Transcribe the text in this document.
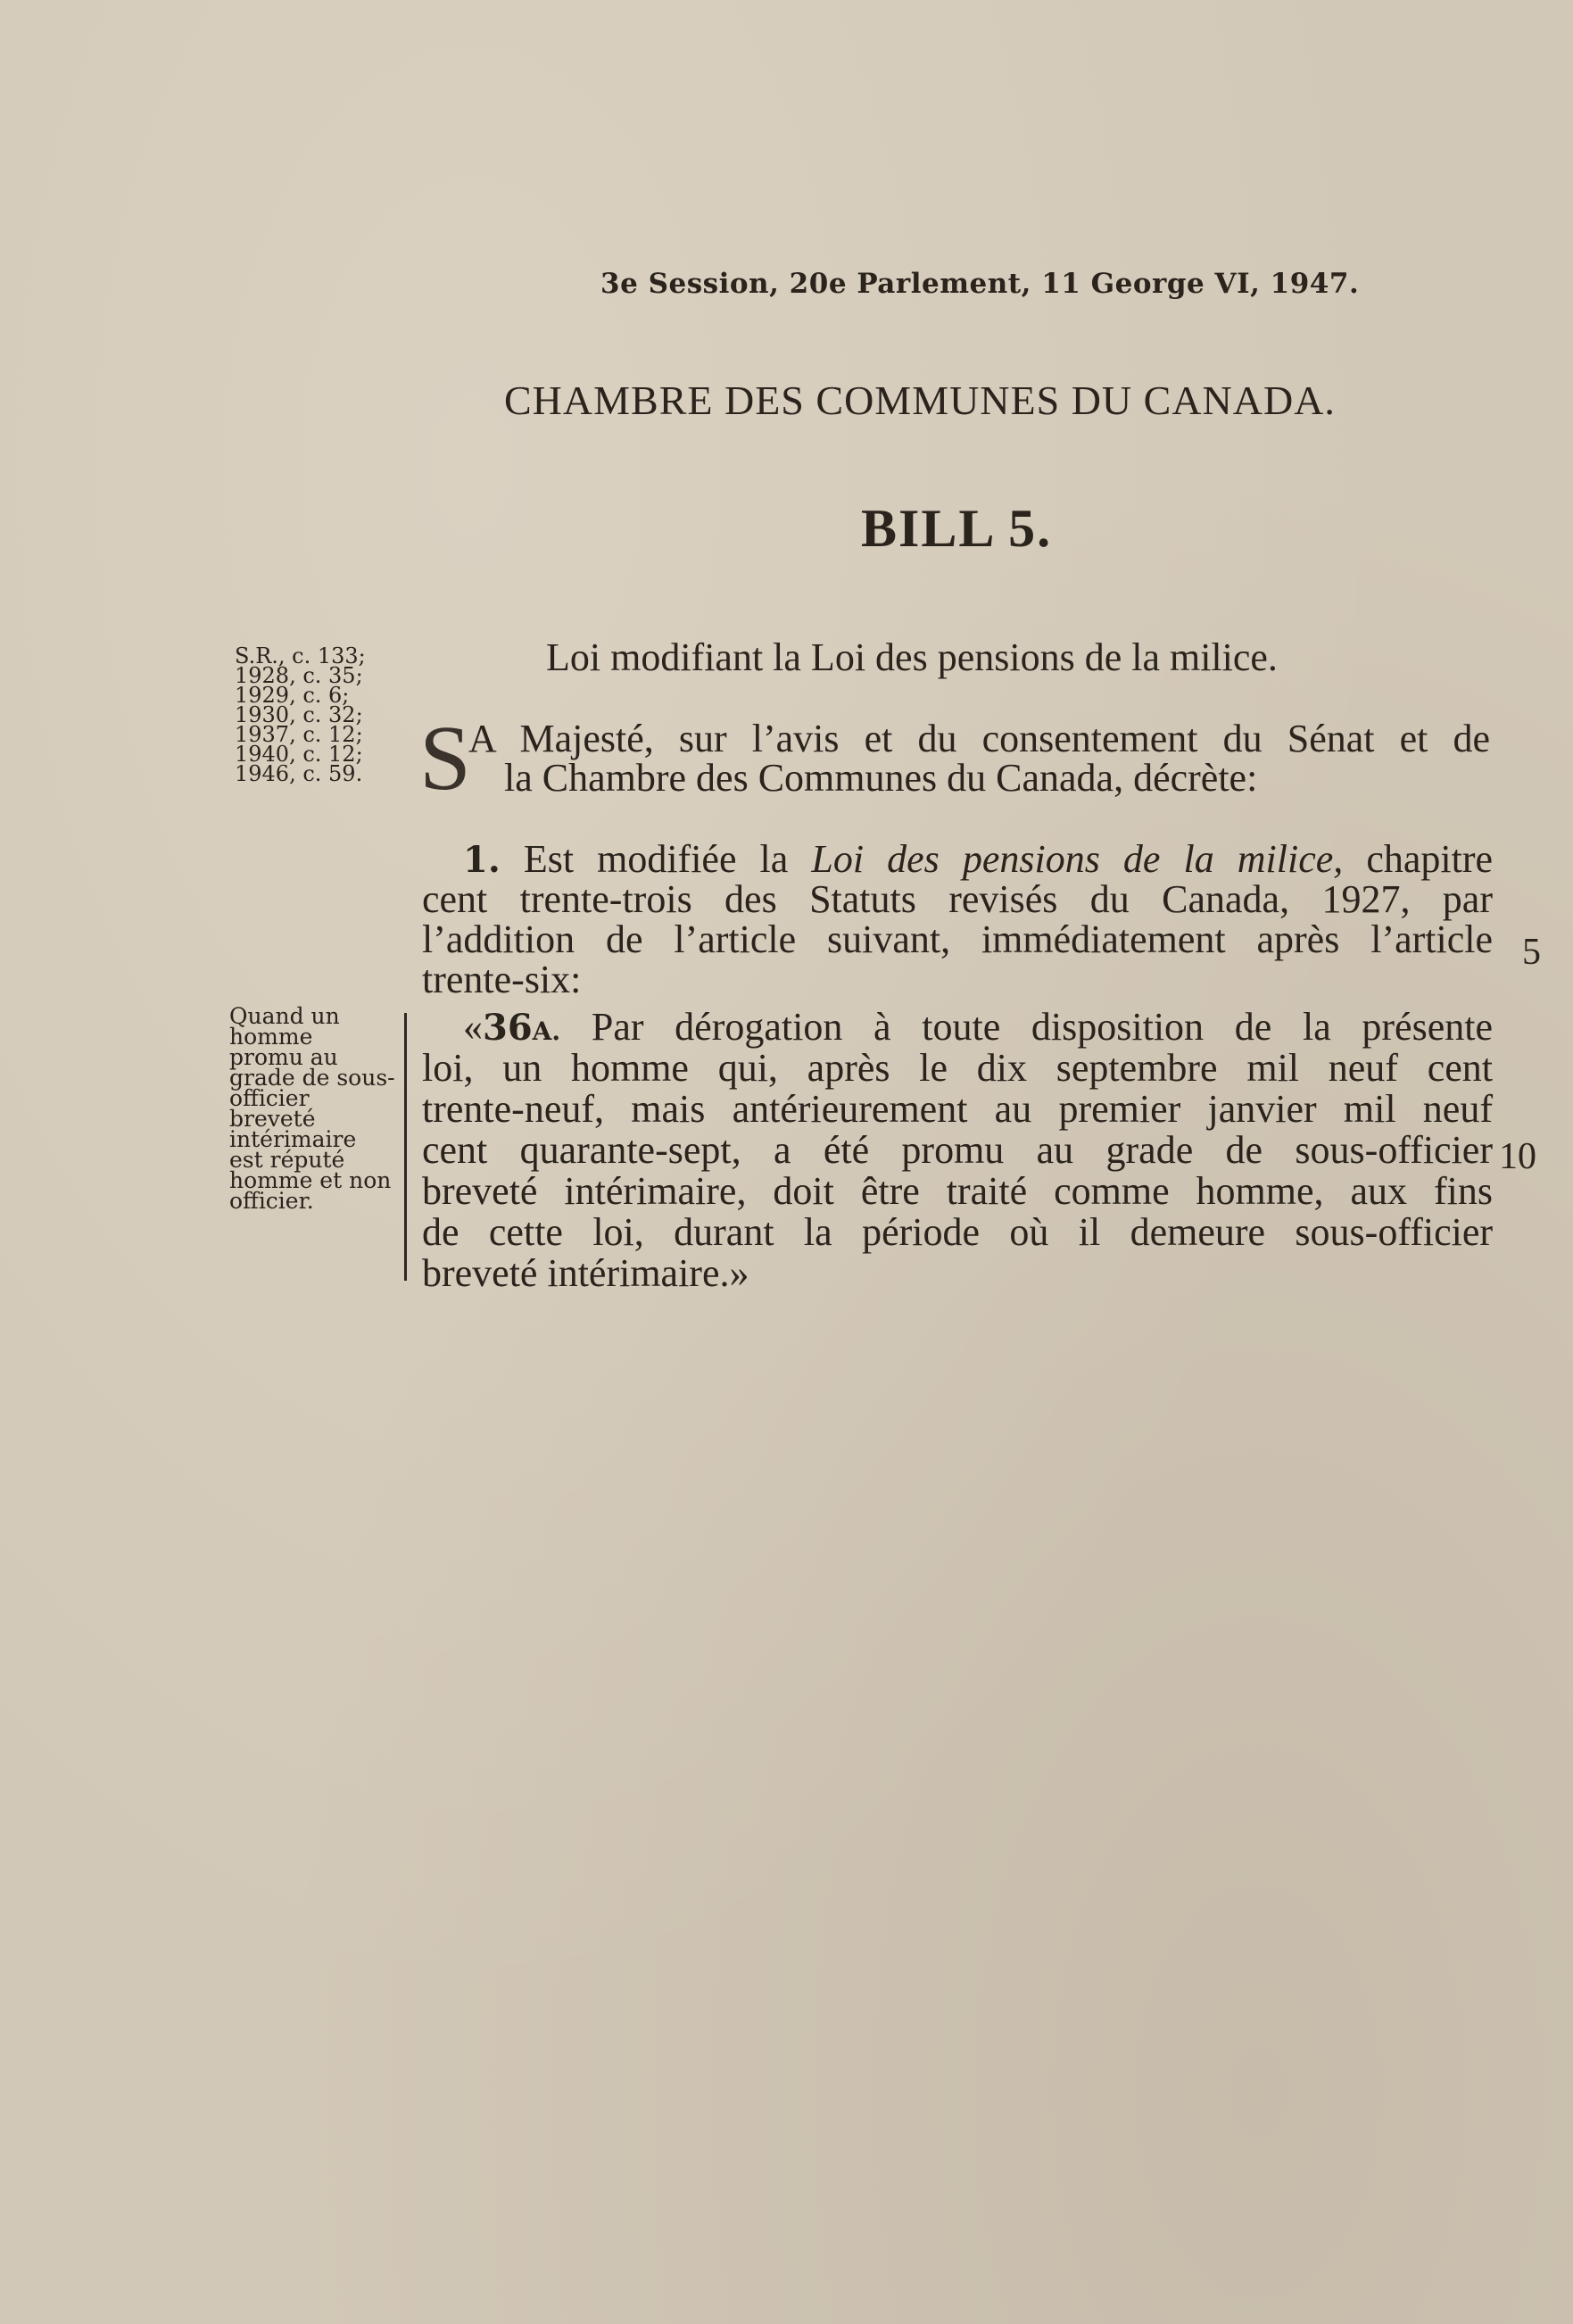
3e Session, 20e Parlement, 11 George VI, 1947.
CHAMBRE DES COMMUNES DU CANADA.
BILL 5.
S.R., c. 133;
1928, c. 35;
1929, c. 6;
1930, c. 32;
1937, c. 12;
1940, c. 12;
1946, c. 59.
Loi modifiant la Loi des pensions de la milice.
S
A Majesté, sur l’avis et du consentement du Sénat et de
la Chambre des Communes du Canada, décrète:
1. Est modifiée la Loi des pensions de la milice, chapitre
cent trente-trois des Statuts revisés du Canada, 1927, par
l’addition de l’article suivant, immédiatement après l’article
trente-six:
5
Quand un
homme
promu au
grade de sous-
officier
breveté
intérimaire
est réputé
homme et non
officier.
«36A. Par dérogation à toute disposition de la présente
loi, un homme qui, après le dix septembre mil neuf cent
trente-neuf, mais antérieurement au premier janvier mil neuf
cent quarante-sept, a été promu au grade de sous-officier
breveté intérimaire, doit être traité comme homme, aux fins
de cette loi, durant la période où il demeure sous-officier
breveté intérimaire.»
10
